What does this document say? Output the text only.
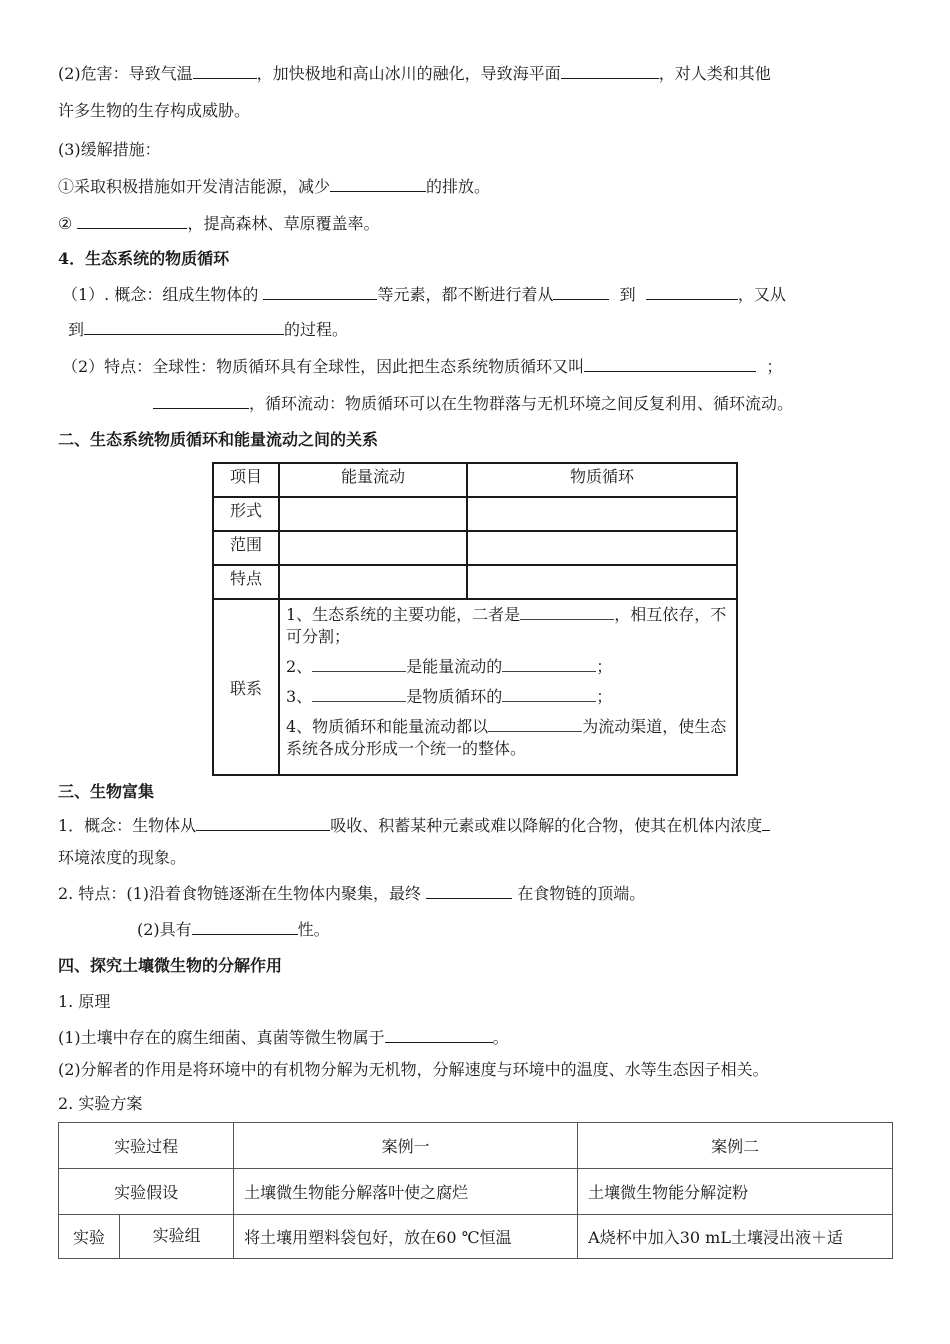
(2)危害：导致气温	，加快极地和高山冰川的融化，导致海平面	，对人类和其他
许多生物的生存构成威胁。
(3)缓解措施：
①采取积极措施如开发清洁能源，减少	的排放。
②	，提高森林、草原覆盖率。
4．生态系统的物质循环
（1）. 概念：组成生物体的	等元素，都不断进行着从	到	，又从
到	的过程。
（2）特点：全球性：物质循环具有全球性，因此把生态系统物质循环又叫	；
，循环流动：物质循环可以在生物群落与无机环境之间反复利用、循环流动。
二、生态系统物质循环和能量流动之间的关系
项目	能量流动	物质循环
形式		
范围		
特点		
联系	1、生态系统的主要功能，二者是 ，相互依存，不可分割；
2、 是能量流动的 ；
3、 是物质循环的 ；
4、物质循环和能量流动都以 为流动渠道，使生态系统各成分形成一个统一的整体。	
三、生物富集
1．概念：生物体从	吸收、积蓄某种元素或难以降解的化合物，使其在机体内浓度
环境浓度的现象。
2. 特点：(1)沿着食物链逐渐在生物体内聚集，最终	在食物链的顶端。
(2)具有	性。
四、探究土壤微生物的分解作用
1. 原理
(1)土壤中存在的腐生细菌、真菌等微生物属于	。
(2)分解者的作用是将环境中的有机物分解为无机物，分解速度与环境中的温度、水等生态因子相关。
2. 实验方案
实验过程		案例一	案例二
实验假设		土壤微生物能分解落叶使之腐烂	土壤微生物能分解淀粉
实验	实验组	将土壤用塑料袋包好，放在60 ℃恒温	A烧杯中加入30 mL土壤浸出液＋适
